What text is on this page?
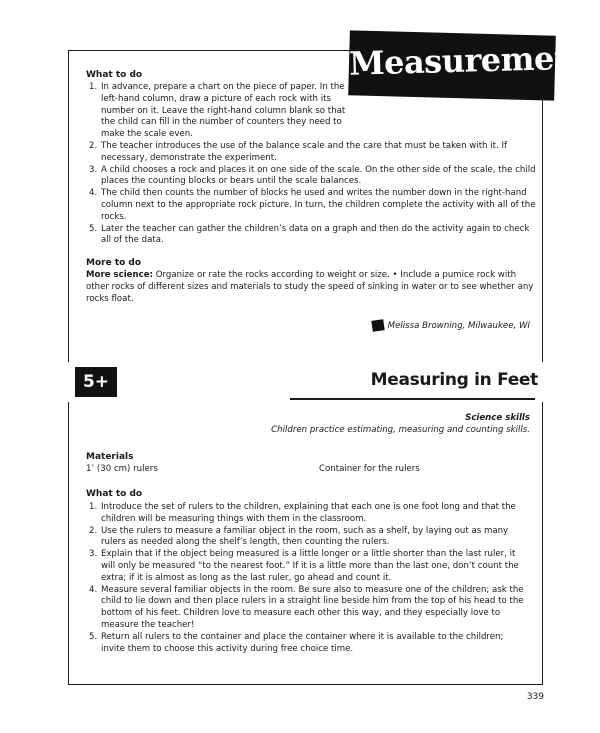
Measurement
What to do
1. In advance, prepare a chart on the piece of paper. In the left-hand column, draw a picture of each rock with its number on it. Leave the right-hand column blank so that the child can fill in the number of counters they need to make the scale even.
2. The teacher introduces the use of the balance scale and the care that must be taken with it. If necessary, demonstrate the experiment.
3. A child chooses a rock and places it on one side of the scale. On the other side of the scale, the child places the counting blocks or bears until the scale balances.
4. The child then counts the number of blocks he used and writes the number down in the right-hand column next to the appropriate rock picture. In turn, the children complete the activity with all of the rocks.
5. Later the teacher can gather the children’s data on a graph and then do the activity again to check all of the data.
More to do

More science: Organize or rate the rocks according to weight or size. • Include a pumice rock with other rocks of different sizes and materials to study the speed of sinking in water or to see whether any rocks float.

Melissa Browning, Milwaukee, WI
5+	Measuring in Feet
Science skills
Children practice estimating, measuring and counting skills.
Materials
1’ (30 cm) rulers	Container for the rulers
What to do
1. Introduce the set of rulers to the children, explaining that each one is one foot long and that the children will be measuring things with them in the classroom.
2. Use the rulers to measure a familiar object in the room, such as a shelf, by laying out as many rulers as needed along the shelf’s length, then counting the rulers.
3. Explain that if the object being measured is a little longer or a little shorter than the last ruler, it will only be measured “to the nearest foot.” If it is a little more than the last one, don’t count the extra; if it is almost as long as the last ruler, go ahead and count it.
4. Measure several familiar objects in the room. Be sure also to measure one of the children; ask the child to lie down and then place rulers in a straight line beside him from the top of his head to the bottom of his feet. Children love to measure each other this way, and they especially love to measure the teacher!
5. Return all rulers to the container and place the container where it is available to the children; invite them to choose this activity during free choice time.
339
